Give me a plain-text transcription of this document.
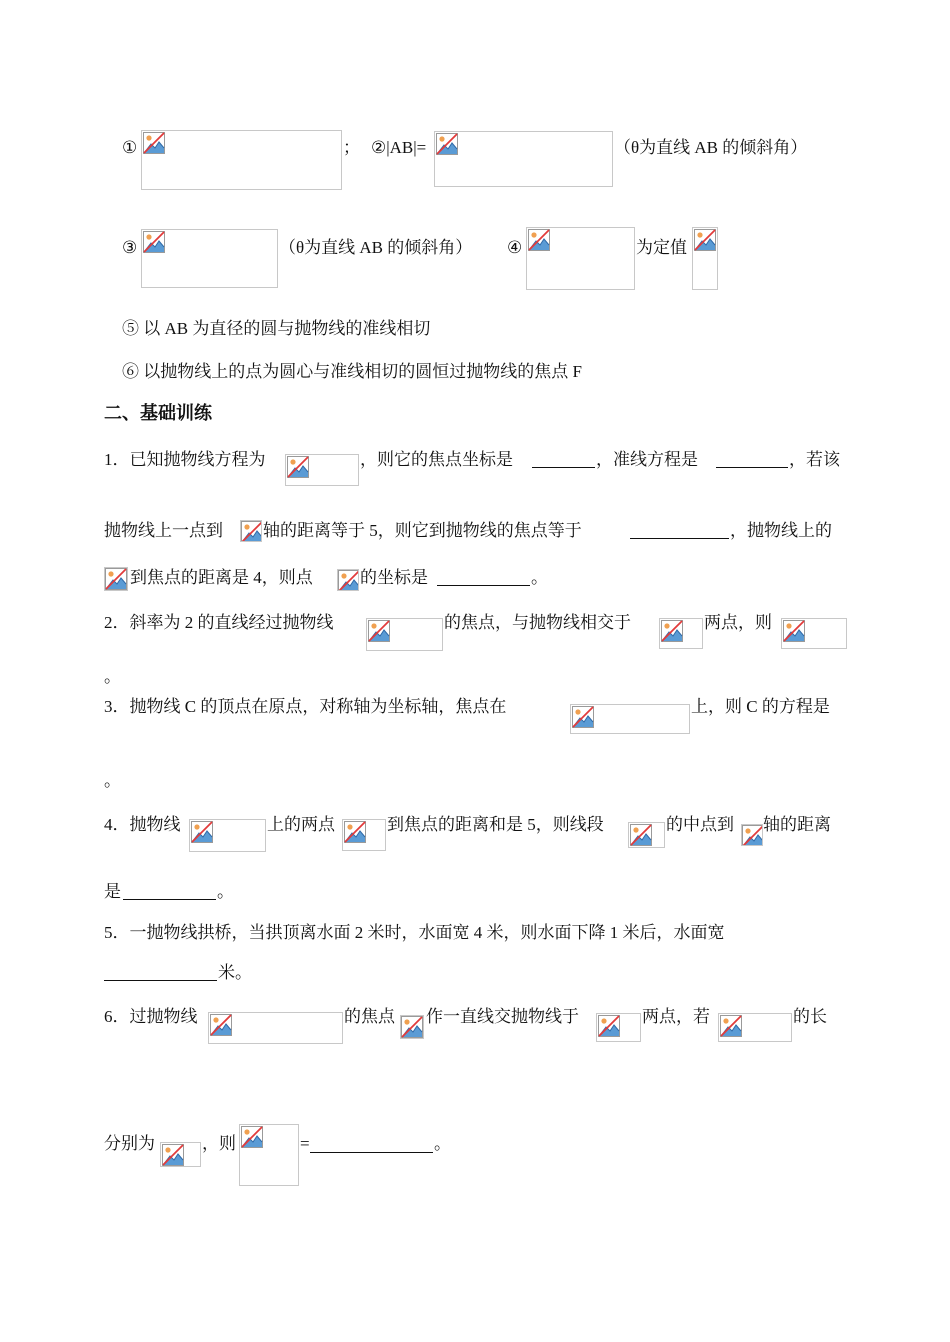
①	； ②|AB|=	（θ为直线 AB 的倾斜角）
③	（θ为直线 AB 的倾斜角） ④	为定值
⑤ 以 AB 为直径的圆与抛物线的准线相切
⑥ 以抛物线上的点为圆心与准线相切的圆恒过抛物线的焦点 F
二、基础训练
1．已知抛物线方程为	，则它的焦点坐标是	，准线方程是	，若该
抛物线上一点到 轴的距离等于 5，则它到抛物线的焦点等于	，抛物线上的
到焦点的距离是 4，则点	的坐标是	。
2．斜率为 2 的直线经过抛物线	的焦点，与抛物线相交于	两点，则
。
3．抛物线 C 的顶点在原点，对称轴为坐标轴，焦点在	上，则 C 的方程是
。
4．抛物线	上的两点	到焦点的距离和是 5，则线段	的中点到 轴的距离
是	。
5．一抛物线拱桥，当拱顶离水面 2 米时，水面宽 4 米，则水面下降 1 米后，水面宽
米。
6．过抛物线	的焦点 作一直线交抛物线于	两点，若	的长
分别为	，则	=	。
